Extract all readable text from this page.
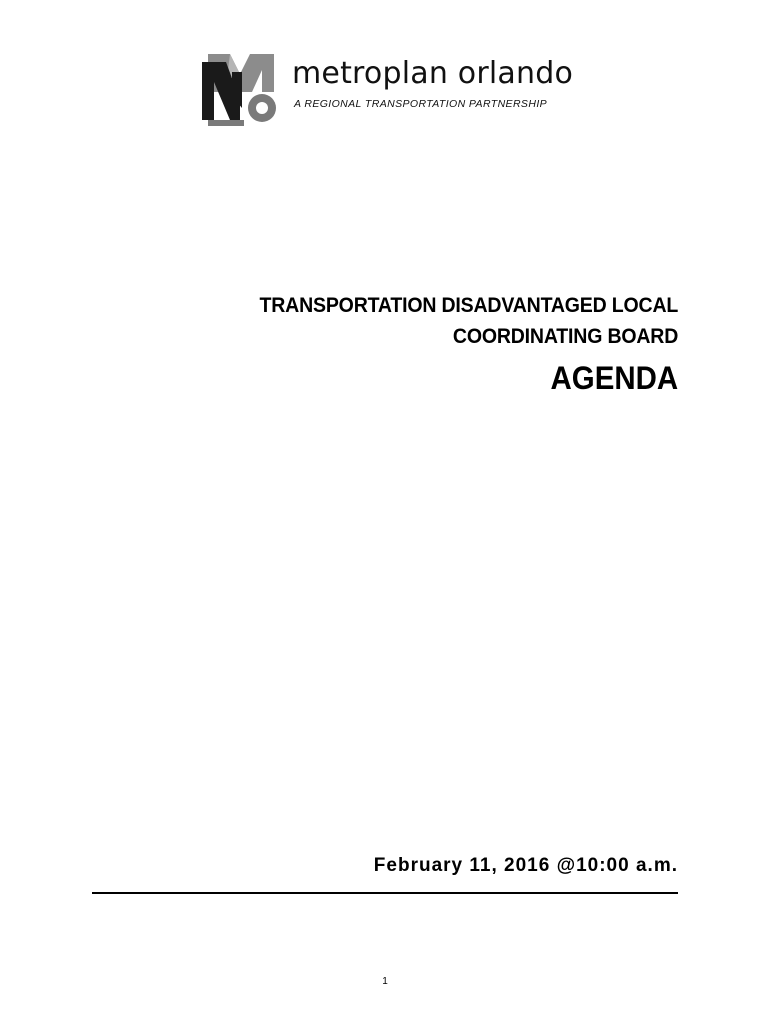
metroplan orlando
A REGIONAL TRANSPORTATION PARTNERSHIP
TRANSPORTATION DISADVANTAGED LOCAL
COORDINATING BOARD
AGENDA
February 11, 2016 @10:00 a.m.
1
